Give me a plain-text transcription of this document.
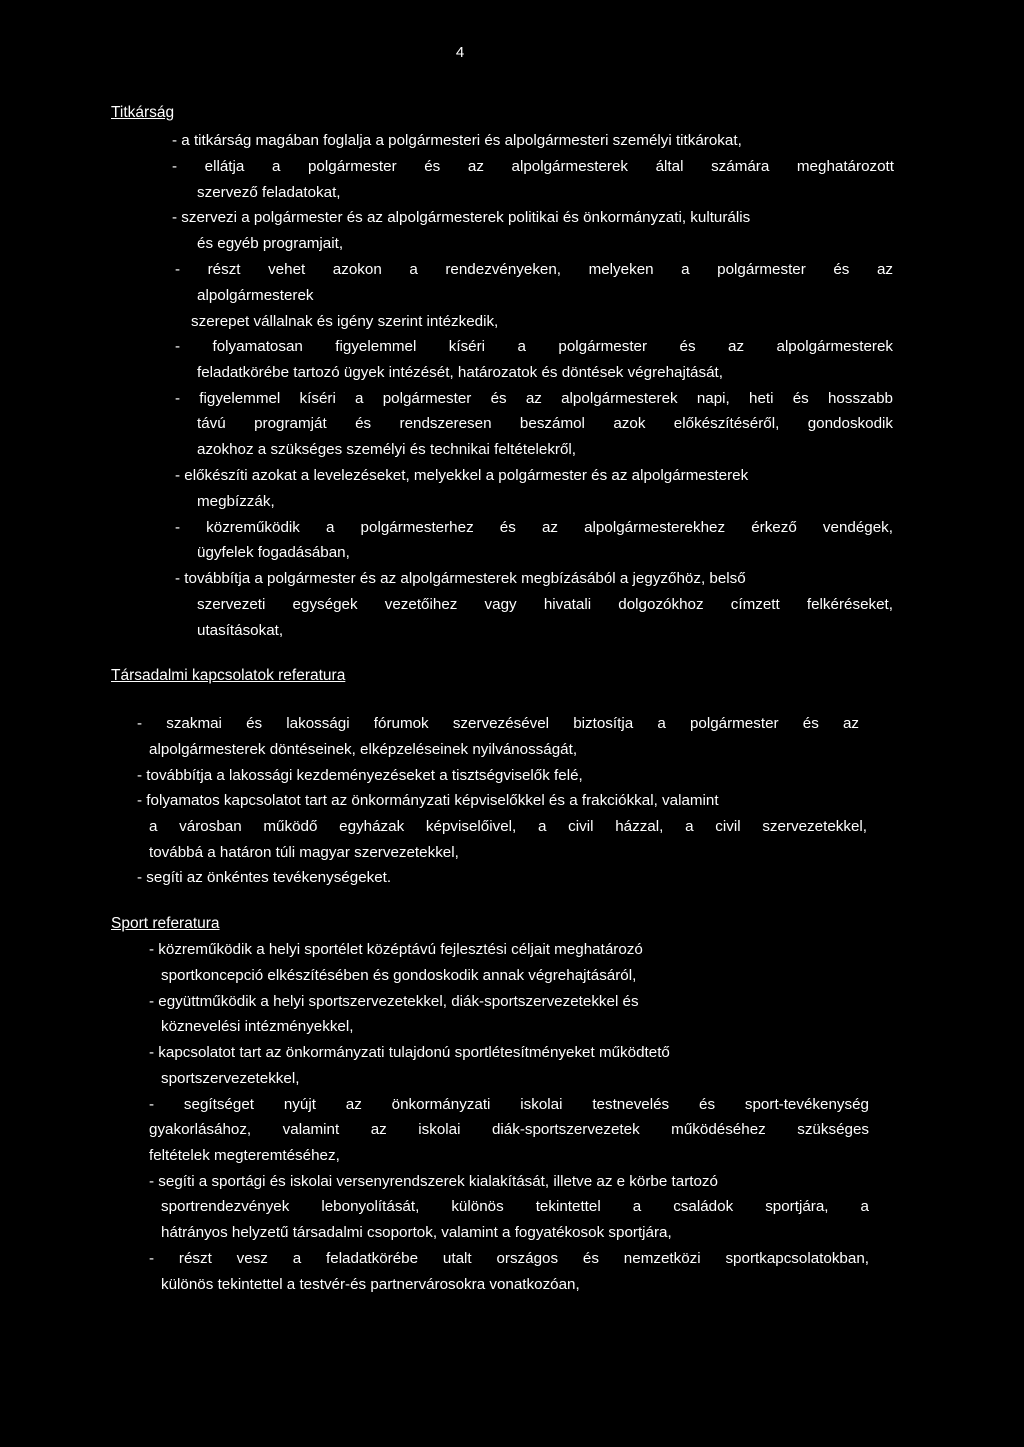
4
Titkárság
- a titkárság magában foglalja a polgármesteri és alpolgármesteri személyi titkárokat,
- ellátja a polgármester és az alpolgármesterek által számára meghatározott
szervező feladatokat,
- szervezi a polgármester és az alpolgármesterek politikai és önkormányzati, kulturális
és egyéb programjait,
- részt vehet azokon a rendezvényeken, melyeken a polgármester és az
alpolgármesterek
szerepet vállalnak és igény szerint intézkedik,
- folyamatosan figyelemmel kíséri a polgármester és az alpolgármesterek
feladatkörébe tartozó ügyek intézését, határozatok és döntések végrehajtását,
- figyelemmel kíséri a polgármester és az alpolgármesterek napi, heti és hosszabb
távú programját és rendszeresen beszámol azok előkészítéséről, gondoskodik
azokhoz a szükséges személyi és technikai feltételekről,
- előkészíti azokat a levelezéseket, melyekkel a polgármester és az alpolgármesterek
megbízzák,
- közreműködik a polgármesterhez és az alpolgármesterekhez érkező vendégek,
ügyfelek fogadásában,
- továbbítja a polgármester és az alpolgármesterek megbízásából a jegyzőhöz, belső
szervezeti egységek vezetőihez vagy hivatali dolgozókhoz címzett felkéréseket,
utasításokat,
Társadalmi kapcsolatok referatura
- szakmai és lakossági fórumok szervezésével biztosítja a polgármester és az
alpolgármesterek döntéseinek, elképzeléseinek nyilvánosságát,
- továbbítja a lakossági kezdeményezéseket a tisztségviselők felé,
- folyamatos kapcsolatot tart az önkormányzati képviselőkkel és a frakciókkal, valamint
a városban működő egyházak képviselőivel, a civil házzal, a civil szervezetekkel,
továbbá a határon túli magyar szervezetekkel,
- segíti az önkéntes tevékenységeket.
Sport referatura
- közreműködik a helyi sportélet középtávú fejlesztési céljait meghatározó
sportkoncepció elkészítésében és gondoskodik annak végrehajtásáról,
- együttműködik a helyi sportszervezetekkel, diák-sportszervezetekkel és
köznevelési intézményekkel,
- kapcsolatot tart az önkormányzati tulajdonú sportlétesítményeket működtető
sportszervezetekkel,
- segítséget nyújt az önkormányzati iskolai testnevelés és sport-tevékenység
gyakorlásához, valamint az iskolai diák-sportszervezetek működéséhez szükséges
feltételek megteremtéséhez,
- segíti a sportági és iskolai versenyrendszerek kialakítását, illetve az e körbe tartozó
sportrendezvények lebonyolítását, különös tekintettel a családok sportjára, a
hátrányos helyzetű társadalmi csoportok, valamint a fogyatékosok sportjára,
- részt vesz a feladatkörébe utalt országos és nemzetközi sportkapcsolatokban,
különös tekintettel a testvér-és partnervárosokra vonatkozóan,
